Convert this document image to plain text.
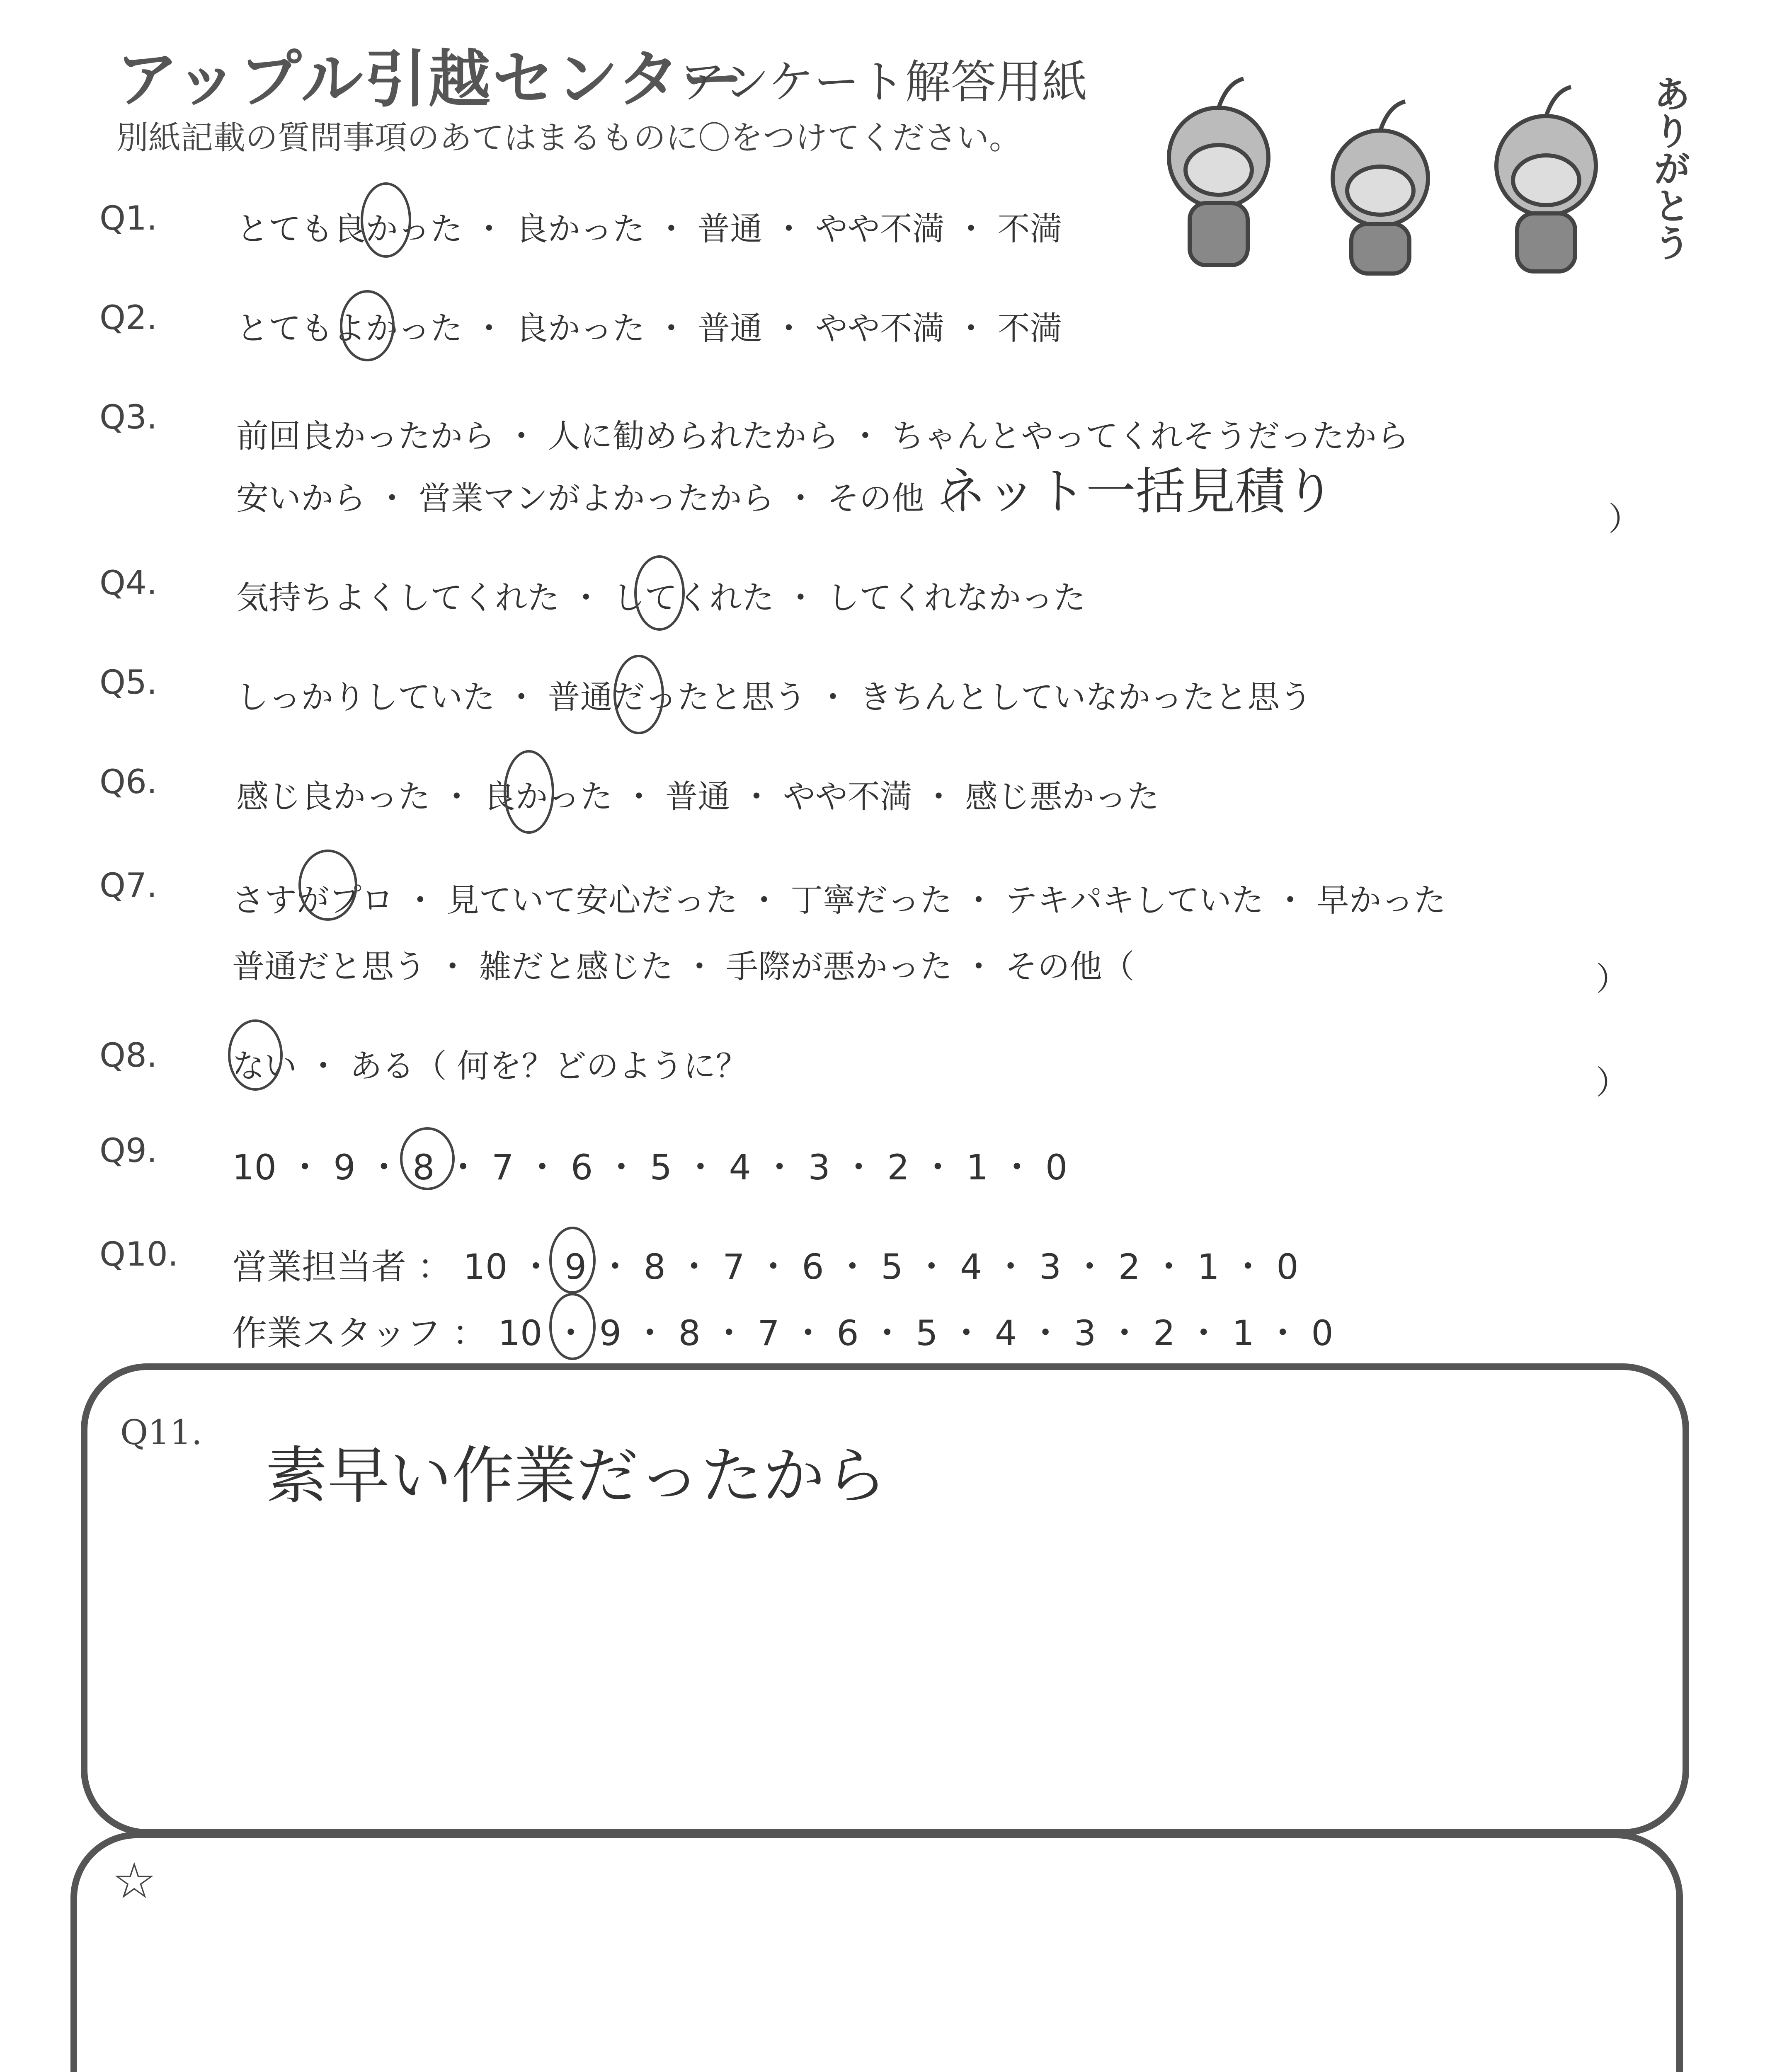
アップル引越センター
アンケート解答用紙
別紙記載の質問事項のあてはまるものに〇をつけてください。	ありがとう
Q1. とても良かった ・ 良かった ・ 普通 ・ やや不満 ・ 不満
Q2. とてもよかった ・ 良かった ・ 普通 ・ やや不満 ・ 不満
Q3. 前回良かったから ・ 人に勧められたから ・ ちゃんとやってくれそうだったから
安いから ・ 営業マンがよかったから ・ その他（
ネット一括見積り	）
Q4. 気持ちよくしてくれた ・ してくれた ・ してくれなかった
Q5. しっかりしていた ・ 普通だったと思う ・ きちんとしていなかったと思う
Q6. 感じ良かった ・ 良かった ・ 普通 ・ やや不満 ・ 感じ悪かった
Q7. さすがプロ ・ 見ていて安心だった ・ 丁寧だった ・ テキパキしていた ・ 早かった
普通だと思う ・ 雑だと感じた ・ 手際が悪かった ・ その他（	）
Q8. ない ・ ある（ 何を？どのように？	）
Q9. 10 ・ 9 ・ 8 ・ 7 ・ 6 ・ 5 ・ 4 ・ 3 ・ 2 ・ 1 ・ 0
Q10. 営業担当者 ： 10 ・ 9 ・ 8 ・ 7 ・ 6 ・ 5 ・ 4 ・ 3 ・ 2 ・ 1 ・ 0
作業スタッフ ： 10 ・ 9 ・ 8 ・ 7 ・ 6 ・ 5 ・ 4 ・ 3 ・ 2 ・ 1 ・ 0
Q11.
素早い作業だったから
☆
